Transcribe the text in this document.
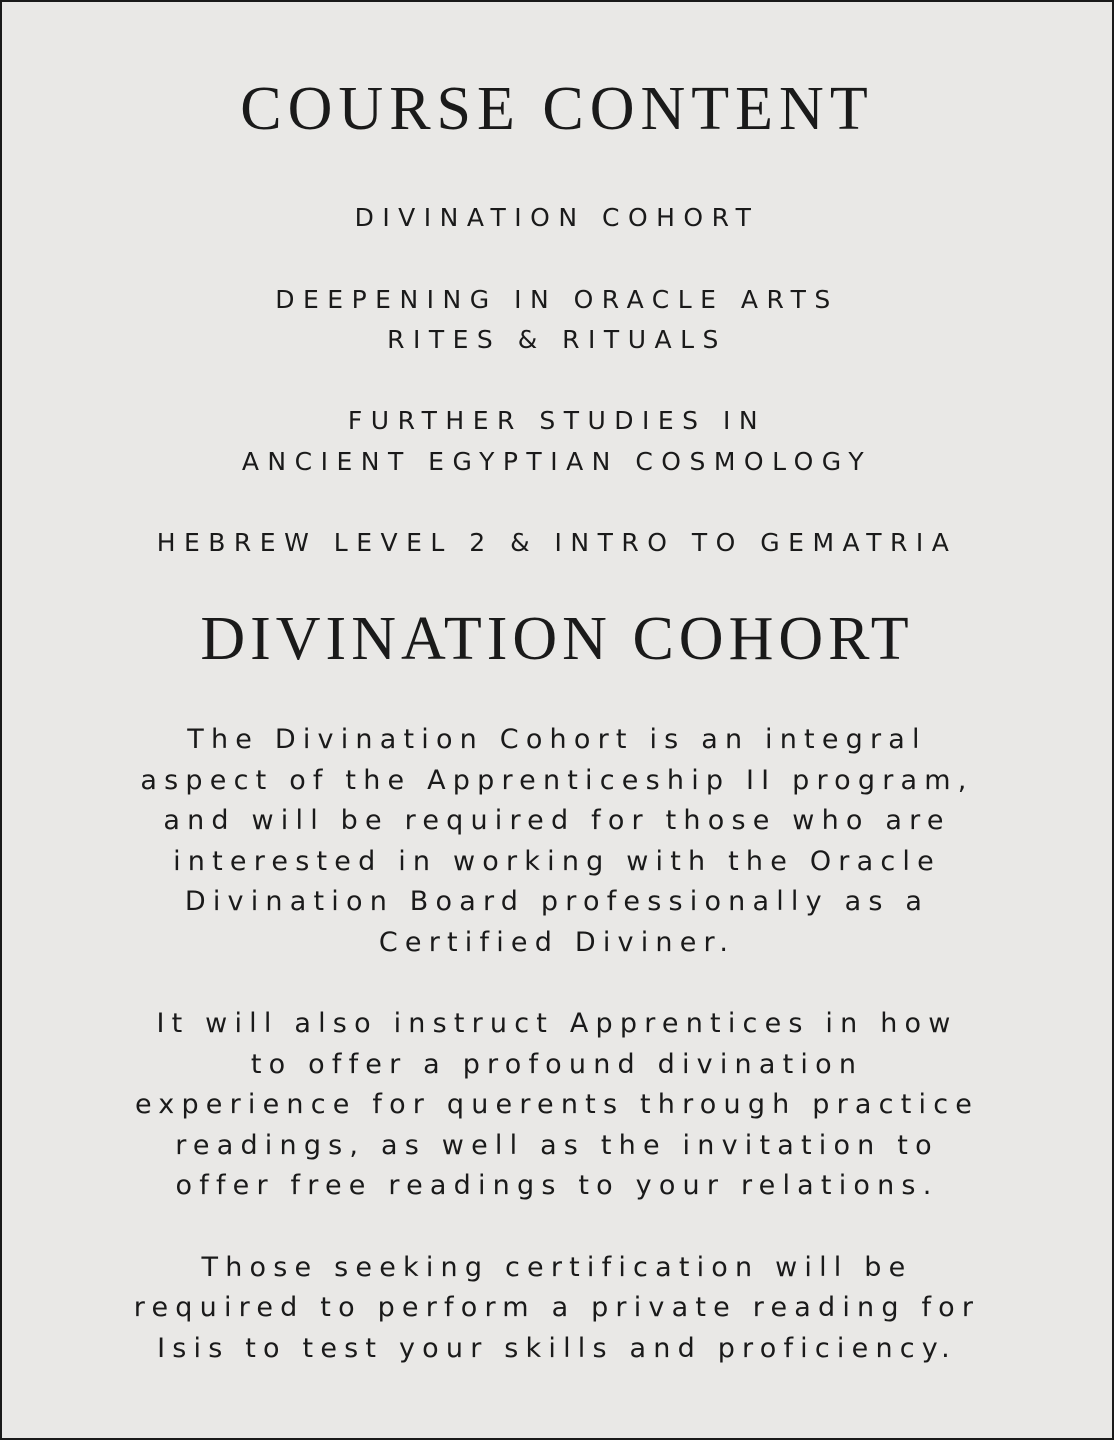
COURSE CONTENT
DIVINATION COHORT
DEEPENING IN ORACLE ARTS
RITES & RITUALS
FURTHER STUDIES IN
ANCIENT EGYPTIAN COSMOLOGY
HEBREW LEVEL 2 & INTRO TO GEMATRIA
DIVINATION COHORT
The Divination Cohort is an integral
aspect of the Apprenticeship II program,
and will be required for those who are
interested in working with the Oracle
Divination Board professionally as a
Certified Diviner.
It will also instruct Apprentices in how
to offer a profound divination
experience for querents through practice
readings, as well as the invitation to
offer free readings to your relations.
Those seeking certification will be
required to perform a private reading for
Isis to test your skills and proficiency.
